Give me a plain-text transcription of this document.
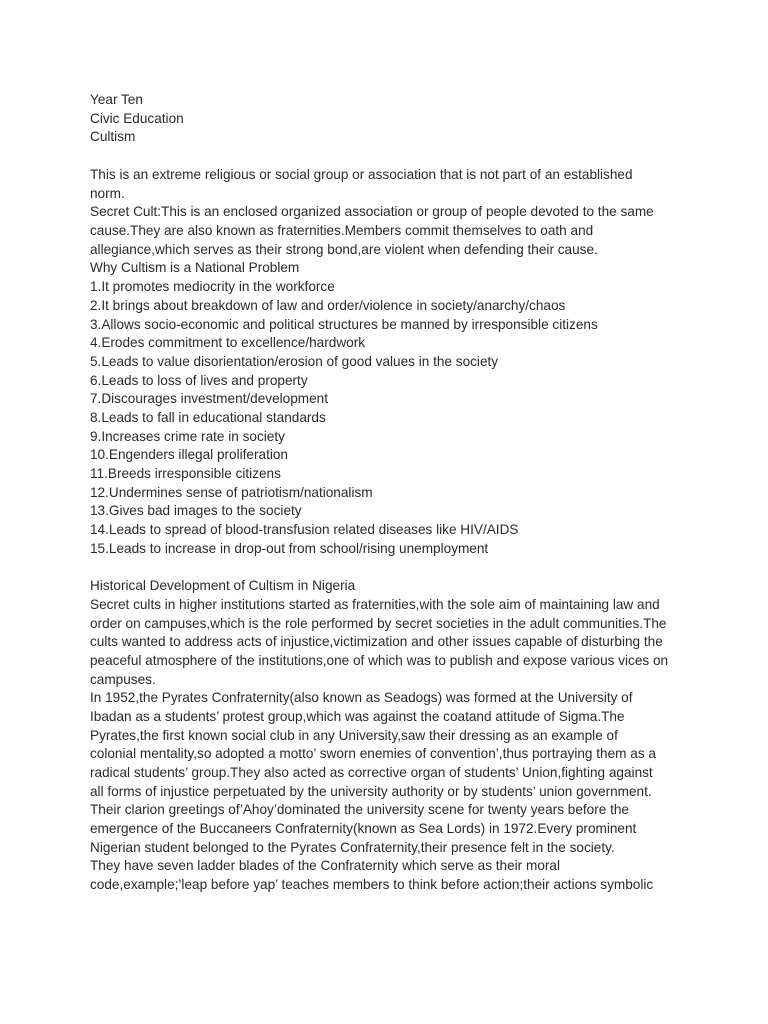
Year Ten
Civic Education
Cultism
This is an extreme religious or social group or association that is not part of an established
norm.
Secret Cult:This is an enclosed organized association or group of people devoted to the same
cause.They are also known as fraternities.Members commit themselves to oath and
allegiance,which serves as their strong bond,are violent when defending their cause.
Why Cultism is a National Problem
1.It promotes mediocrity in the workforce
2.It brings about breakdown of law and order/violence in society/anarchy/chaos
3.Allows socio-economic and political structures be manned by irresponsible citizens
4.Erodes commitment to excellence/hardwork
5.Leads to value disorientation/erosion of good values in the society
6.Leads to loss of lives and property
7.Discourages investment/development
8.Leads to fall in educational standards
9.Increases crime rate in society
10.Engenders illegal proliferation
11.Breeds irresponsible citizens
12.Undermines sense of patriotism/nationalism
13.Gives bad images to the society
14.Leads to spread of blood-transfusion related diseases like HIV/AIDS
15.Leads to increase in drop-out from school/rising unemployment
Historical Development of Cultism in Nigeria
Secret cults in higher institutions started as fraternities,with the sole aim of maintaining law and
order on campuses,which is the role performed by secret societies in the adult communities.The
cults wanted to address acts of injustice,victimization and other issues capable of disturbing the
peaceful atmosphere of the institutions,one of which was to publish and expose various vices on
campuses.
In 1952,the Pyrates Confraternity(also known as Seadogs) was formed at the University of
Ibadan as a students’ protest group,which was against the coatand attitude of Sigma.The
Pyrates,the first known social club in any University,saw their dressing as an example of
colonial mentality,so adopted a motto’ sworn enemies of convention’,thus portraying them as a
radical students’ group.They also acted as corrective organ of students’ Union,fighting against
all forms of injustice perpetuated by the university authority or by students’ union government.
Their clarion greetings of’Ahoy’dominated the university scene for twenty years before the
emergence of the Buccaneers Confraternity(known as Sea Lords) in 1972.Every prominent
Nigerian student belonged to the Pyrates Confraternity,their presence felt in the society.
They have seven ladder blades of the Confraternity which serve as their moral
code,example;’leap before yap’ teaches members to think before action;their actions symbolic
